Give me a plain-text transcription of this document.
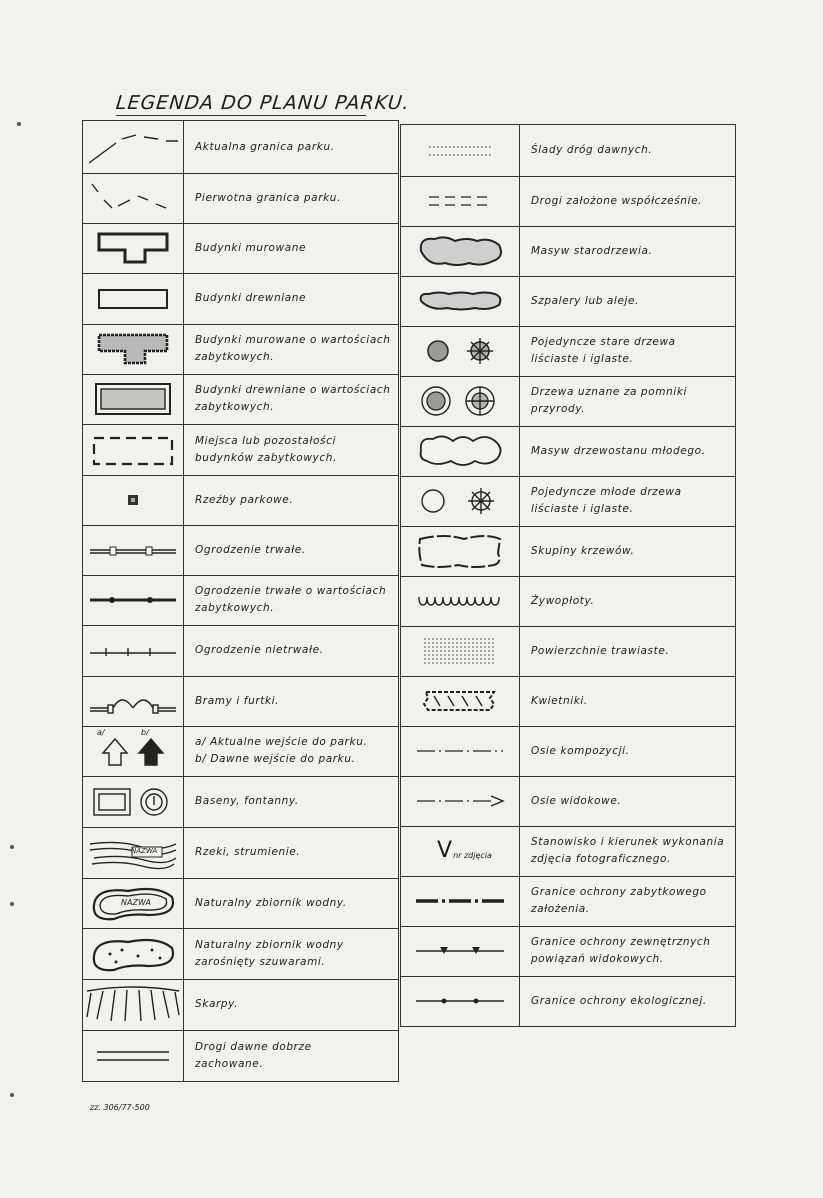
LEGENDA DO PLANU PARKU.
Aktualna granica parku.
Pierwotna granica parku.
Budynki murowane
Budynki drewniane
Budynki murowane o wartościach
zabytkowych.
Budynki drewniane o wartościach
zabytkowych.
Miejsca lub pozostałości
budynków zabytkowych.
Rzeźby parkowe.
Ogrodzenie trwałe.
Ogrodzenie trwałe o wartościach
zabytkowych.
Ogrodzenie nietrwałe.
Bramy i furtki.
a/ Aktualne wejście do parku.
b/ Dawne wejście do parku.
Baseny, fontanny.
Rzeki, strumienie.
Naturalny zbiornik wodny.
Naturalny zbiornik wodny
zarośnięty szuwarami.
Skarpy.
Drogi dawne dobrze
zachowane.
a/	b/
NAZWA
NAZWA
Ślady dróg dawnych.
Drogi założone współcześnie.
Masyw starodrzewia.
Szpalery lub aleje.
Pojedyncze stare drzewa
liściaste i iglaste.
Drzewa uznane za pomniki
przyrody.
Masyw drzewostanu młodego.
Pojedyncze młode drzewa
liściaste i iglaste.
Skupiny krzewów.
Żywopłoty.
Powierzchnie trawiaste.
Kwietniki.
Osie kompozycji.
Osie widokowe.
Stanowisko i kierunek wykonania
zdjęcia fotograficznego.
Granice ochrony zabytkowego
założenia.
Granice ochrony zewnętrznych
powiązań widokowych.
Granice ochrony ekologicznej.
V nr zdjęcia
zz. 306/77-500
